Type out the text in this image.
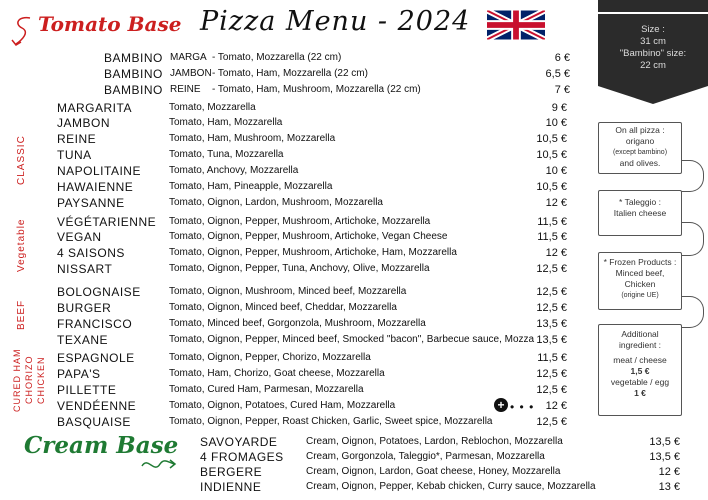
Tomato Base Pizza Menu - 2024	Size :
31 cm
"Bambino" size:
22 cm
BAMBINO MARGA - Tomato, Mozzarella (22 cm)	6 €
BAMBINO JAMBON - Tomato, Ham, Mozzarella (22 cm)	6,5 €
BAMBINO REINE - Tomato, Ham, Mushroom, Mozzarella (22 cm)	7 €
CLASSIC
Vegetable
BEEF
CURED HAM CHORIZO CHICKEN
MARGARITA	Tomato, Mozzarella	9 €
JAMBON	Tomato, Ham, Mozzarella	10 €
REINE	Tomato, Ham, Mushroom, Mozzarella	10,5 €
TUNA	Tomato, Tuna, Mozzarella	10,5 €
NAPOLITAINE	Tomato, Anchovy, Mozzarella	10 €
HAWAIENNE	Tomato, Ham, Pineapple, Mozzarella	10,5 €
PAYSANNE	Tomato, Oignon, Lardon, Mushroom, Mozzarella	12 €
VÉGÉTARIENNE Tomato, Oignon, Pepper, Mushroom, Artichoke, Mozzarella	11,5 €
VEGAN	Tomato, Oignon, Pepper, Mushroom, Artichoke, Vegan Cheese	11,5 €
4 SAISONS	Tomato, Oignon, Pepper, Mushroom, Artichoke, Ham, Mozzarella	12 €
NISSART	Tomato, Oignon, Pepper, Tuna, Anchovy, Olive, Mozzarella	12,5 €
BOLOGNAISE	Tomato, Oignon, Mushroom, Minced beef, Mozzarella	12,5 €
BURGER	Tomato, Oignon, Minced beef, Cheddar, Mozzarella	12,5 €
FRANCISCO	Tomato, Minced beef, Gorgonzola, Mushroom, Mozzarella	13,5 €
TEXANE	Tomato, Oignon, Pepper, Minced beef, Smocked "bacon", Barbecue sauce, Mozza 13,5 €
ESPAGNOLE	Tomato, Oignon, Pepper, Chorizo, Mozzarella	11,5 €
PAPA'S	Tomato, Ham, Chorizo, Goat cheese, Mozzarella	12,5 €
PILLETTE	Tomato, Cured Ham, Parmesan, Mozzarella	12,5 €
VENDÉENNE	Tomato, Oignon, Potatoes, Cured Ham, Mozzarella	12 €
BASQUAISE	Tomato, Oignon, Pepper, Roast Chicken, Garlic, Sweet spice, Mozzarella	12,5 €
Cream Base SAVOYARDE	Cream, Oignon, Potatoes, Lardon, Reblochon, Mozzarella	13,5 €
4 FROMAGES Cream, Gorgonzola, Taleggio*, Parmesan, Mozzarella	13,5 €
BERGERE	Cream, Oignon, Lardon, Goat cheese, Honey, Mozzarella	12 €
INDIENNE	Cream, Oignon, Pepper, Kebab chicken, Curry sauce, Mozzarella	13 €
On all pizza :
origano
(except bambino)
and olives.
* Taleggio :
Italien cheese
* Frozen Products :
Minced beef,
Chicken
(origine UE)
Additional
ingredient :
meat / cheese
1,5 €
vegetable / egg
1 €
+ • • •
